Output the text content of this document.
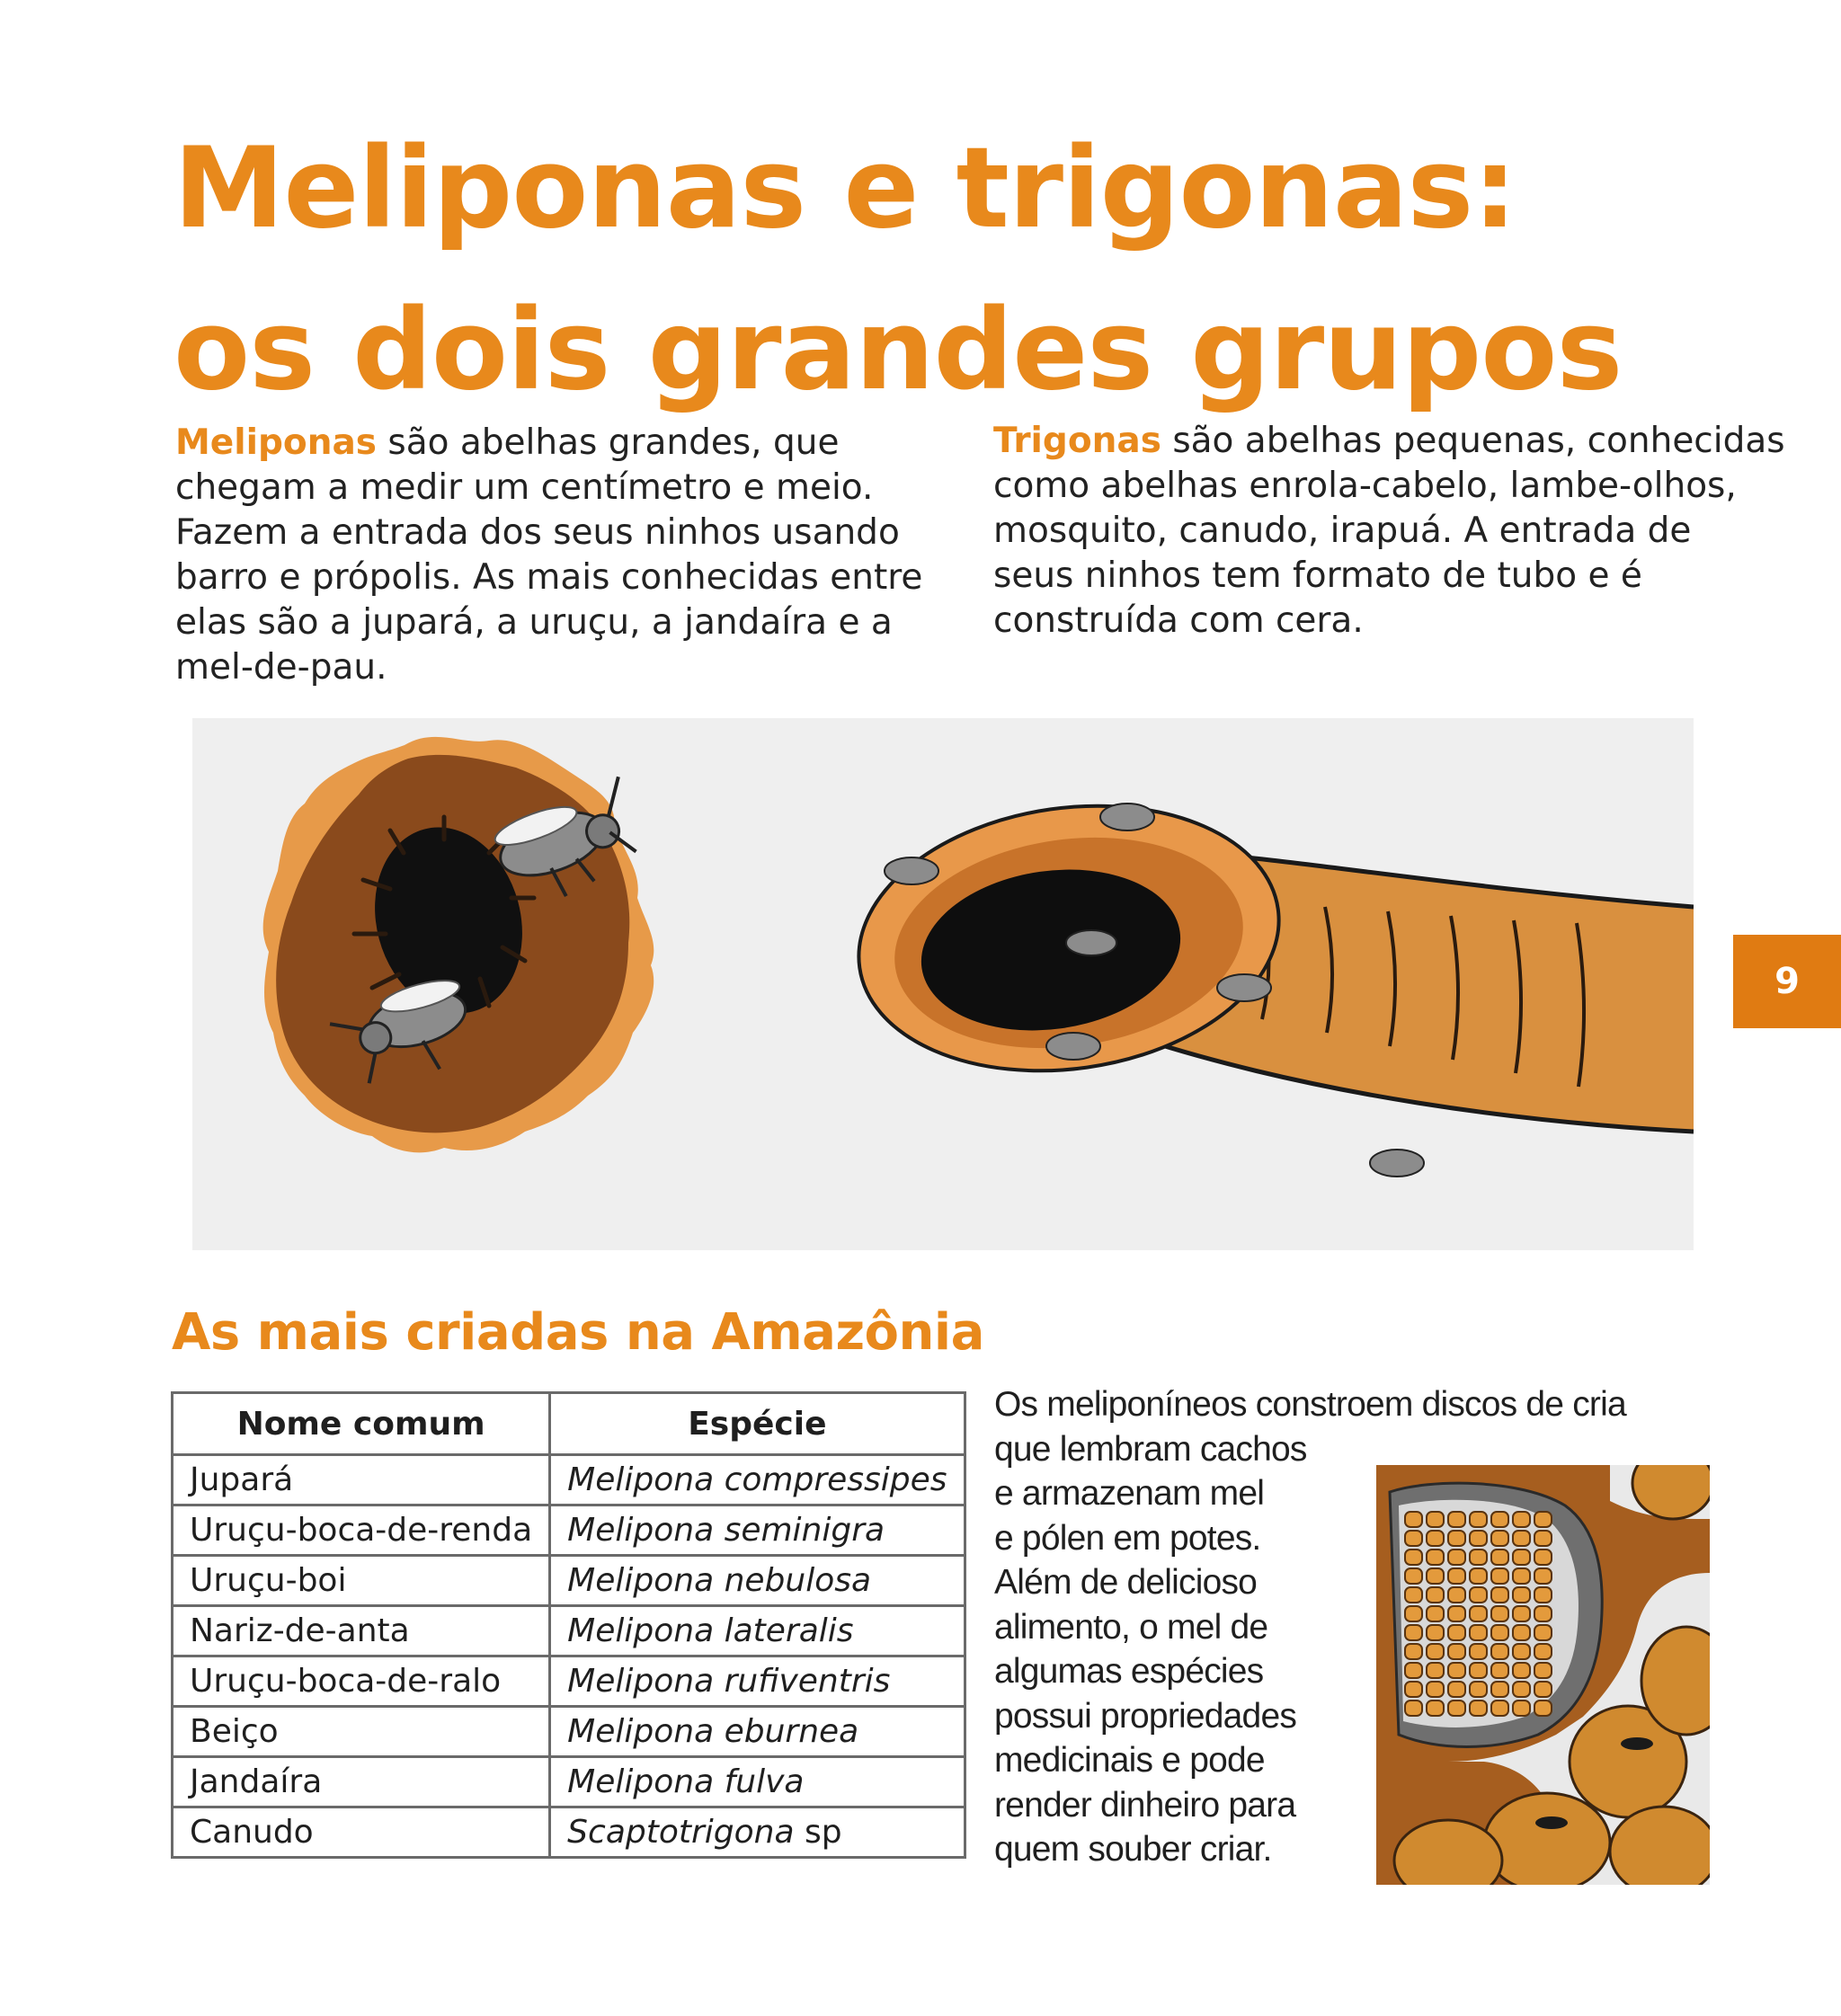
Meliponas e trigonas:
os dois grandes grupos

Meliponas são abelhas grandes, que
chegam a medir um centímetro e meio.
Fazem a entrada dos seus ninhos usando
barro e própolis. As mais conhecidas entre
elas são a jupará, a uruçu, a jandaíra e a
mel-de-pau.

Trigonas são abelhas pequenas, conhecidas
como abelhas enrola-cabelo, lambe-olhos,
mosquito, canudo, irapuá. A entrada de
seus ninhos tem formato de tubo e é
construída com cera.

9
As mais criadas na Amazônia
Nome comum	Espécie
Jupará	Melipona compressipes
Uruçu-boca-de-renda	Melipona seminigra
Uruçu-boi	Melipona nebulosa
Nariz-de-anta	Melipona lateralis
Uruçu-boca-de-ralo	Melipona rufiventris
Beiço	Melipona eburnea
Jandaíra	Melipona fulva
Canudo	Scaptotrigona sp

Os meliponíneos constroem discos de cria
que lembram cachos
e armazenam mel
e pólen em potes.
Além de delicioso
alimento, o mel de
algumas espécies
possui propriedades
medicinais e pode
render dinheiro para
quem souber criar.
